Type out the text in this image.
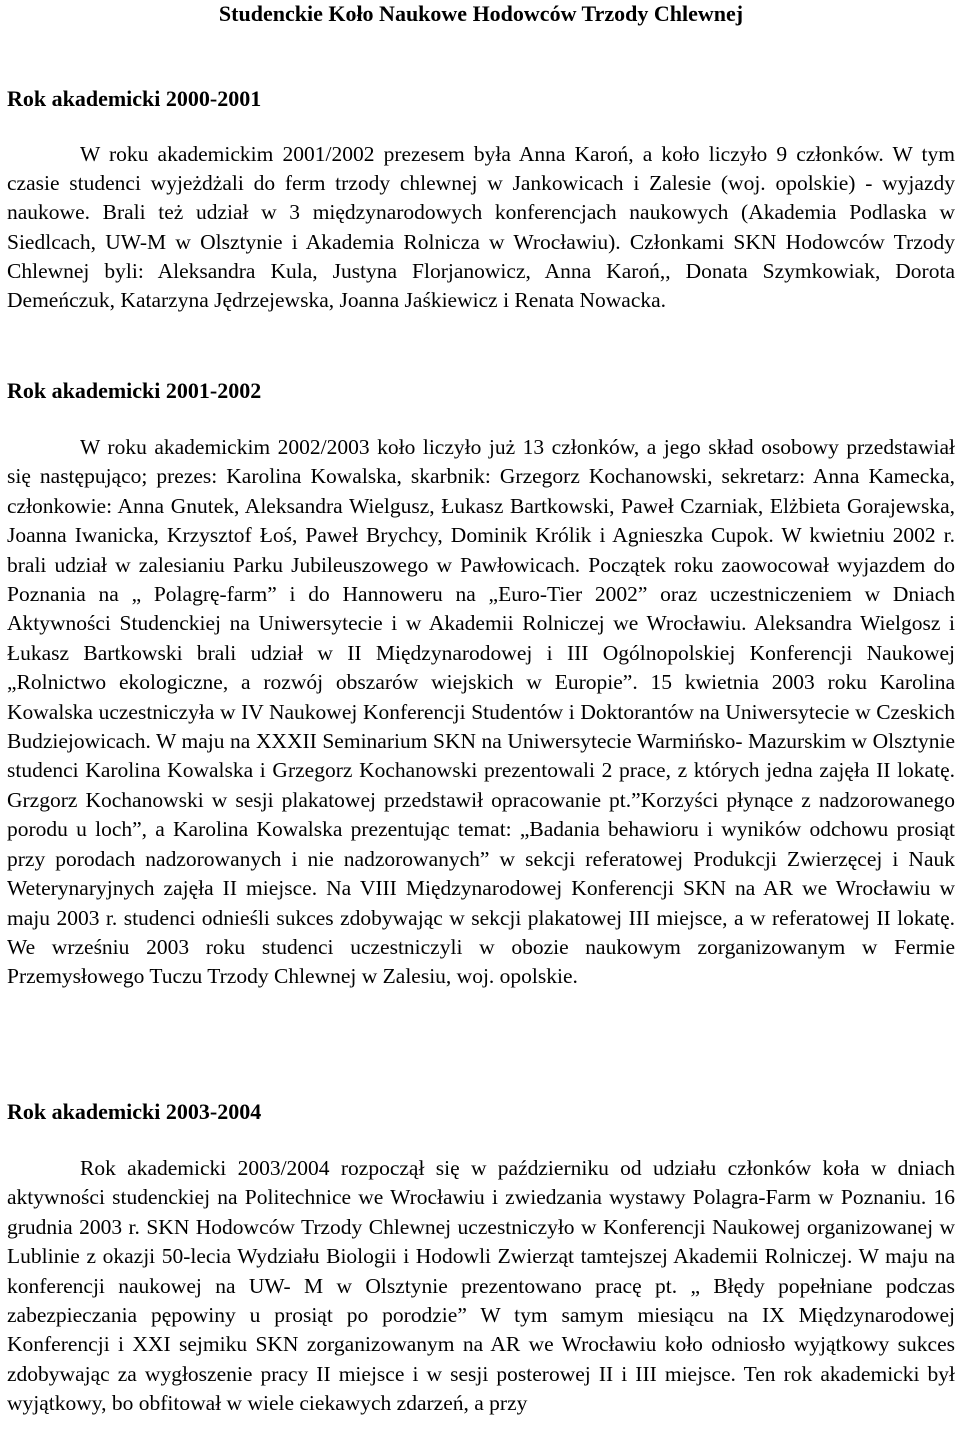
Studenckie Koło Naukowe Hodowców Trzody Chlewnej
Rok akademicki 2000-2001

W roku akademickim 2001/2002 prezesem była Anna Karoń, a koło liczyło 9 członków. W tym czasie studenci wyjeżdżali do ferm trzody chlewnej w Jankowicach i Zalesie (woj. opolskie) - wyjazdy naukowe. Brali też udział w 3 międzynarodowych konferencjach naukowych (Akademia Podlaska w Siedlcach, UW-M w Olsztynie i Akademia Rolnicza w Wrocławiu). Członkami SKN Hodowców Trzody Chlewnej byli: Aleksandra Kula, Justyna Florjanowicz, Anna Karoń,, Donata Szymkowiak, Dorota Demeńczuk, Katarzyna Jędrzejewska, Joanna Jaśkiewicz i Renata Nowacka.

Rok akademicki 2001-2002

W roku akademickim 2002/2003 koło liczyło już 13 członków, a jego skład osobowy przedstawiał się następująco; prezes: Karolina Kowalska, skarbnik: Grzegorz Kochanowski, sekretarz: Anna Kamecka, członkowie: Anna Gnutek, Aleksandra Wielgusz, Łukasz Bartkowski, Paweł Czarniak, Elżbieta Gorajewska, Joanna Iwanicka, Krzysztof Łoś, Paweł Brychcy, Dominik Królik i Agnieszka Cupok. W kwietniu 2002 r. brali udział w zalesianiu Parku Jubileuszowego w Pawłowicach. Początek roku zaowocował wyjazdem do Poznania na „ Polagrę-farm” i do Hannoweru na „Euro-Tier 2002” oraz uczestniczeniem w Dniach Aktywności Studenckiej na Uniwersytecie i w Akademii Rolniczej we Wrocławiu. Aleksandra Wielgosz i Łukasz Bartkowski brali udział w II Międzynarodowej i III Ogólnopolskiej Konferencji Naukowej „Rolnictwo ekologiczne, a rozwój obszarów wiejskich w Europie”. 15 kwietnia 2003 roku Karolina Kowalska uczestniczyła w IV Naukowej Konferencji Studentów i Doktorantów na Uniwersytecie w Czeskich Budziejowicach. W maju na XXXII Seminarium SKN na Uniwersytecie Warmińsko- Mazurskim w Olsztynie studenci Karolina Kowalska i Grzegorz Kochanowski prezentowali 2 prace, z których jedna zajęła II lokatę. Grzgorz Kochanowski w sesji plakatowej przedstawił opracowanie pt.”Korzyści płynące z nadzorowanego porodu u loch”, a Karolina Kowalska prezentując temat: „Badania behawioru i wyników odchowu prosiąt przy porodach nadzorowanych i nie nadzorowanych” w sekcji referatowej Produkcji Zwierzęcej i Nauk Weterynaryjnych zajęła II miejsce. Na VIII Międzynarodowej Konferencji SKN na AR we Wrocławiu w maju 2003 r. studenci odnieśli sukces zdobywając w sekcji plakatowej III miejsce, a w referatowej II lokatę. We wrześniu 2003 roku studenci uczestniczyli w obozie naukowym zorganizowanym w Fermie Przemysłowego Tuczu Trzody Chlewnej w Zalesiu, woj. opolskie.

Rok akademicki 2003-2004

Rok akademicki 2003/2004 rozpoczął się w październiku od udziału członków koła w dniach aktywności studenckiej na Politechnice we Wrocławiu i zwiedzania wystawy Polagra-Farm w Poznaniu. 16 grudnia 2003 r. SKN Hodowców Trzody Chlewnej uczestniczyło w Konferencji Naukowej organizowanej w Lublinie z okazji 50-lecia Wydziału Biologii i Hodowli Zwierząt tamtejszej Akademii Rolniczej. W maju na konferencji naukowej na UW- M w Olsztynie prezentowano pracę pt. „ Błędy popełniane podczas zabezpieczania pępowiny u prosiąt po porodzie” W tym samym miesiącu na IX Międzynarodowej Konferencji i XXI sejmiku SKN zorganizowanym na AR we Wrocławiu koło odniosło wyjątkowy sukces zdobywając za wygłoszenie pracy II miejsce i w sesji posterowej II i III miejsce. Ten rok akademicki był wyjątkowy, bo obfitował w wiele ciekawych zdarzeń, a przy
